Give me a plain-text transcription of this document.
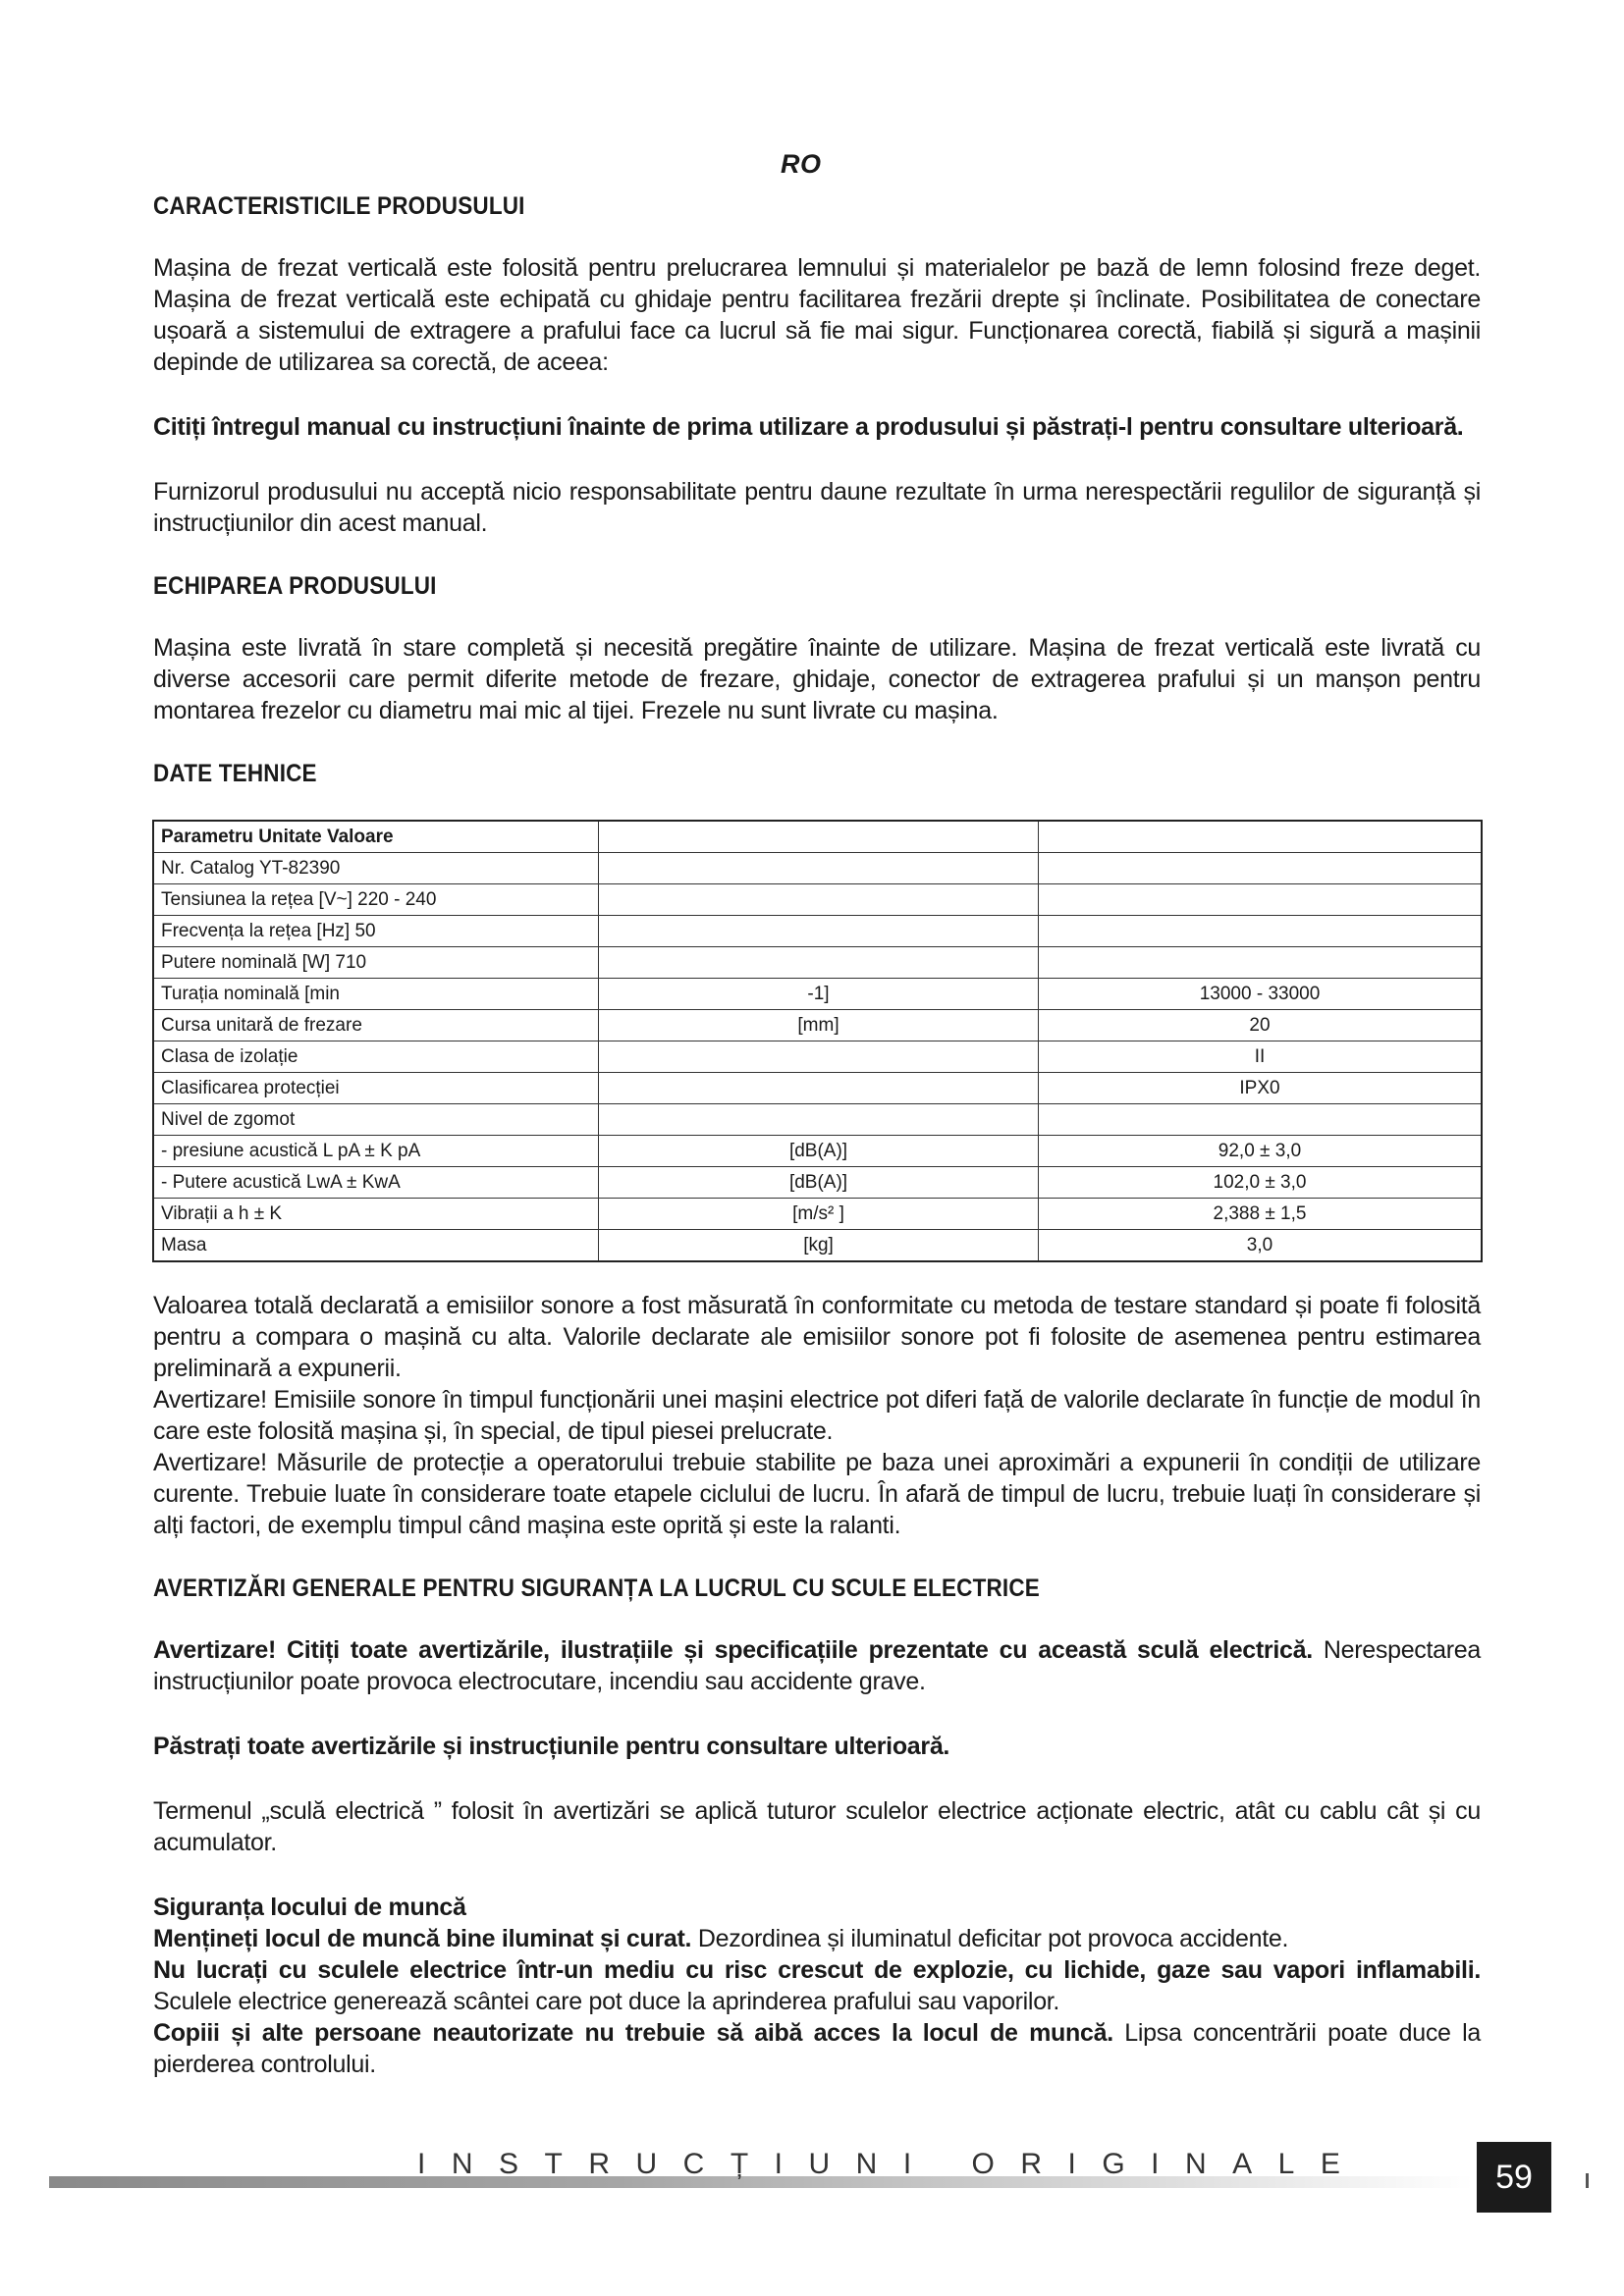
RO
CARACTERISTICILE PRODUSULUI

Mașina de frezat verticală este folosită pentru prelucrarea lemnului și materialelor pe bază de lemn folosind freze deget. Mașina de frezat verticală este echipată cu ghidaje pentru facilitarea frezării drepte și înclinate. Posibilitatea de conectare ușoară a sistemului de extragere a prafului face ca lucrul să fie mai sigur. Funcționarea corectă, fiabilă și sigură a mașinii depinde de utilizarea sa corectă, de aceea:

Citiți întregul manual cu instrucțiuni înainte de prima utilizare a produsului și păstrați-l pentru consultare ulterioară.

Furnizorul produsului nu acceptă nicio responsabilitate pentru daune rezultate în urma nerespectării regulilor de siguranță și instrucțiunilor din acest manual.

ECHIPAREA PRODUSULUI

Mașina este livrată în stare completă și necesită pregătire înainte de utilizare. Mașina de frezat verticală este livrată cu diverse accesorii care permit diferite metode de frezare, ghidaje, conector de extragerea prafului și un manșon pentru montarea frezelor cu diametru mai mic al tijei. Frezele nu sunt livrate cu mașina.

DATE TEHNICE
Parametru Unitate Valoare		
Nr. Catalog YT-82390		
Tensiunea la rețea [V~] 220 - 240		
Frecvența la rețea [Hz] 50		
Putere nominală [W] 710		
Turația nominală [min	-1]	13000 - 33000
Cursa unitară de frezare	[mm]	20
Clasa de izolație		II
Clasificarea protecției		IPX0
Nivel de zgomot		
- presiune acustică L pA ± K pA	[dB(A)]	92,0 ± 3,0
- Putere acustică LwA ± KwA	[dB(A)]	102,0 ± 3,0
Vibrații a h ± K	[m/s² ]	2,388 ± 1,5
Masa	[kg]	3,0

Valoarea totală declarată a emisiilor sonore a fost măsurată în conformitate cu metoda de testare standard și poate fi folosită pentru a compara o mașină cu alta. Valorile declarate ale emisiilor sonore pot fi folosite de asemenea pentru estimarea preliminară a expunerii.

Avertizare! Emisiile sonore în timpul funcționării unei mașini electrice pot diferi față de valorile declarate în funcție de modul în care este folosită mașina și, în special, de tipul piesei prelucrate.

Avertizare! Măsurile de protecție a operatorului trebuie stabilite pe baza unei aproximări a expunerii în condiții de utilizare curente. Trebuie luate în considerare toate etapele ciclului de lucru. În afară de timpul de lucru, trebuie luați în considerare și alți factori, de exemplu timpul când mașina este oprită și este la ralanti.

AVERTIZĂRI GENERALE PENTRU SIGURANȚA LA LUCRUL CU SCULE ELECTRICE

Avertizare! Citiți toate avertizările, ilustrațiile și specificațiile prezentate cu această sculă electrică. Nerespectarea instrucțiunilor poate provoca electrocutare, incendiu sau accidente grave.

Păstrați toate avertizările și instrucțiunile pentru consultare ulterioară.

Termenul „sculă electrică ” folosit în avertizări se aplică tuturor sculelor electrice acționate electric, atât cu cablu cât și cu acumulator.

Siguranța locului de muncă

Mențineți locul de muncă bine iluminat și curat. Dezordinea și iluminatul deficitar pot provoca accidente.

Nu lucrați cu sculele electrice într-un mediu cu risc crescut de explozie, cu lichide, gaze sau vapori inflamabili. Sculele electrice generează scântei care pot duce la aprinderea prafului sau vaporilor.

Copiii și alte persoane neautorizate nu trebuie să aibă acces la locul de muncă. Lipsa concentrării poate duce la pierderea controlului.

INSTRUCȚIUNI ORIGINALE	59
